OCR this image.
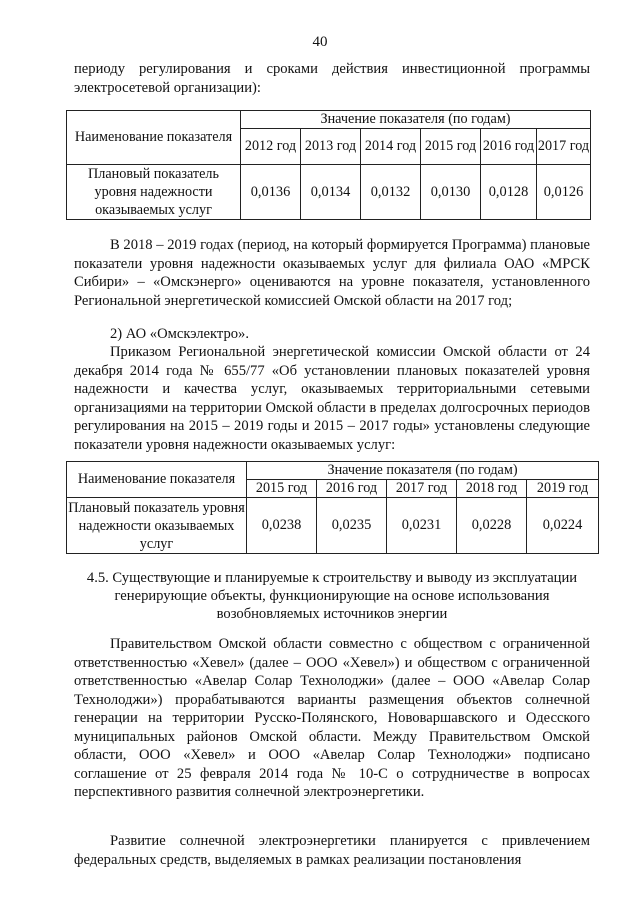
40
периоду регулирования и сроками действия инвестиционной программы электросетевой организации):
Наименование показателя	Значение показателя (по годам)					
	2012 год	2013 год	2014 год	2015 год	2016 год	2017 год
Плановый показатель уровня надежности оказываемых услуг	0,0136	0,0134	0,0132	0,0130	0,0128	0,0126
В 2018 – 2019 годах (период, на который формируется Программа) плановые показатели уровня надежности оказываемых услуг для филиала ОАО «МРСК Сибири» – «Омскэнерго» оцениваются на уровне показателя, установленного Региональной энергетической комиссией Омской области на 2017 год;
2) АО «Омскэлектро».
Приказом Региональной энергетической комиссии Омской области от 24 декабря 2014 года № 655/77 «Об установлении плановых показателей уровня надежности и качества услуг, оказываемых территориальными сетевыми организациями на территории Омской области в пределах долгосрочных периодов регулирования на 2015 – 2019 годы и 2015 – 2017 годы» установлены следующие показатели уровня надежности оказываемых услуг:
Наименование показателя	Значение показателя (по годам)				
	2015 год	2016 год	2017 год	2018 год	2019 год
Плановый показатель уровня надежности оказываемых услуг	0,0238	0,0235	0,0231	0,0228	0,0224
4.5. Существующие и планируемые к строительству и выводу из эксплуатации генерирующие объекты, функционирующие на основе использования возобновляемых источников энергии
Правительством Омской области совместно с обществом с ограниченной ответственностью «Хевел» (далее – ООО «Хевел») и обществом с ограниченной ответственностью «Авелар Солар Технолоджи» (далее – ООО «Авелар Солар Технолоджи») прорабатываются варианты размещения объектов солнечной генерации на территории Русско-Полянского, Нововаршавского и Одесского муниципальных районов Омской области. Между Правительством Омской области, ООО «Хевел» и ООО «Авелар Солар Технолоджи» подписано соглашение от 25 февраля 2014 года № 10-С о сотрудничестве в вопросах перспективного развития солнечной электроэнергетики.
Развитие солнечной электроэнергетики планируется с привлечением федеральных средств, выделяемых в рамках реализации постановления
